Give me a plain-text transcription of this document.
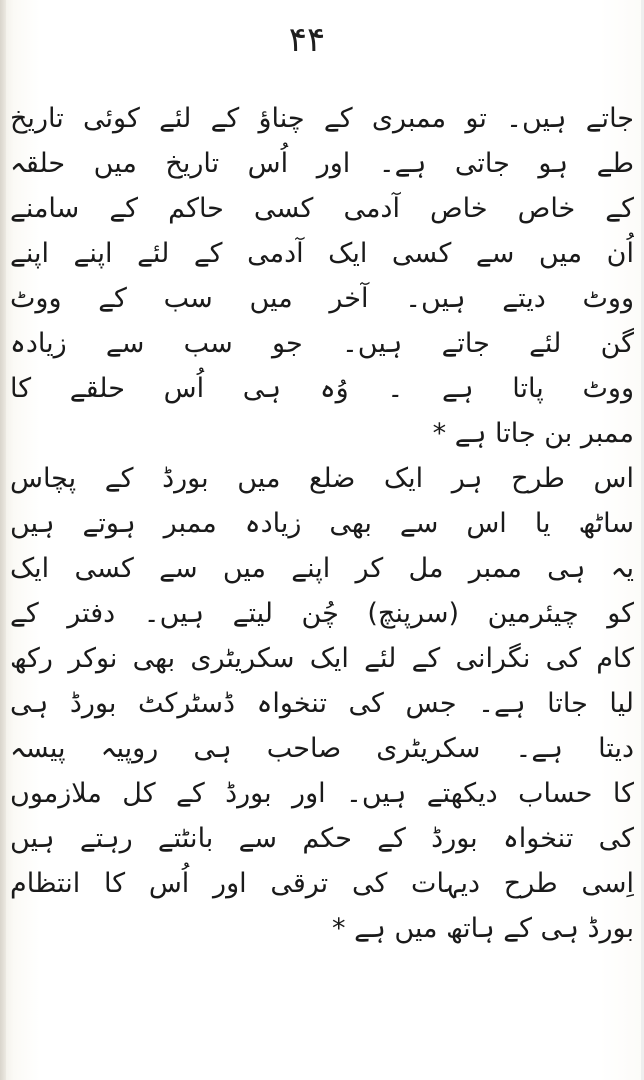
۴۴
جاتے ہیں۔ تو ممبری کے چناؤ کے لئے کوئی تاریخ
طے ہو جاتی ہے۔ اور اُس تاریخ میں حلقہ
کے خاص خاص آدمی کسی حاکم کے سامنے
اُن میں سے کسی ایک آدمی کے لئے اپنے اپنے
ووٹ دیتے ہیں۔ آخر میں سب کے ووٹ
گن لئے جاتے ہیں۔ جو سب سے زیادہ
ووٹ پاتا ہے ۔ وُہ ہی اُس حلقے کا
ممبر بن جاتا ہے *
اس طرح ہر ایک ضلع میں بورڈ کے پچاس
ساٹھ یا اس سے بھی زیادہ ممبر ہوتے ہیں
یہ ہی ممبر مل کر اپنے میں سے کسی ایک
کو چیئرمین (سرپنچ) چُن لیتے ہیں۔ دفتر کے
کام کی نگرانی کے لئے ایک سکریٹری بھی نوکر رکھ
لیا جاتا ہے۔ جس کی تنخواہ ڈسٹرکٹ بورڈ ہی
دیتا ہے۔ سکریٹری صاحب ہی روپیہ پیسہ
کا حساب دیکھتے ہیں۔ اور بورڈ کے کل ملازموں
کی تنخواہ بورڈ کے حکم سے بانٹتے رہتے ہیں
اِسی طرح دیہات کی ترقی اور اُس کا انتظام
بورڈ ہی کے ہاتھ میں ہے *
